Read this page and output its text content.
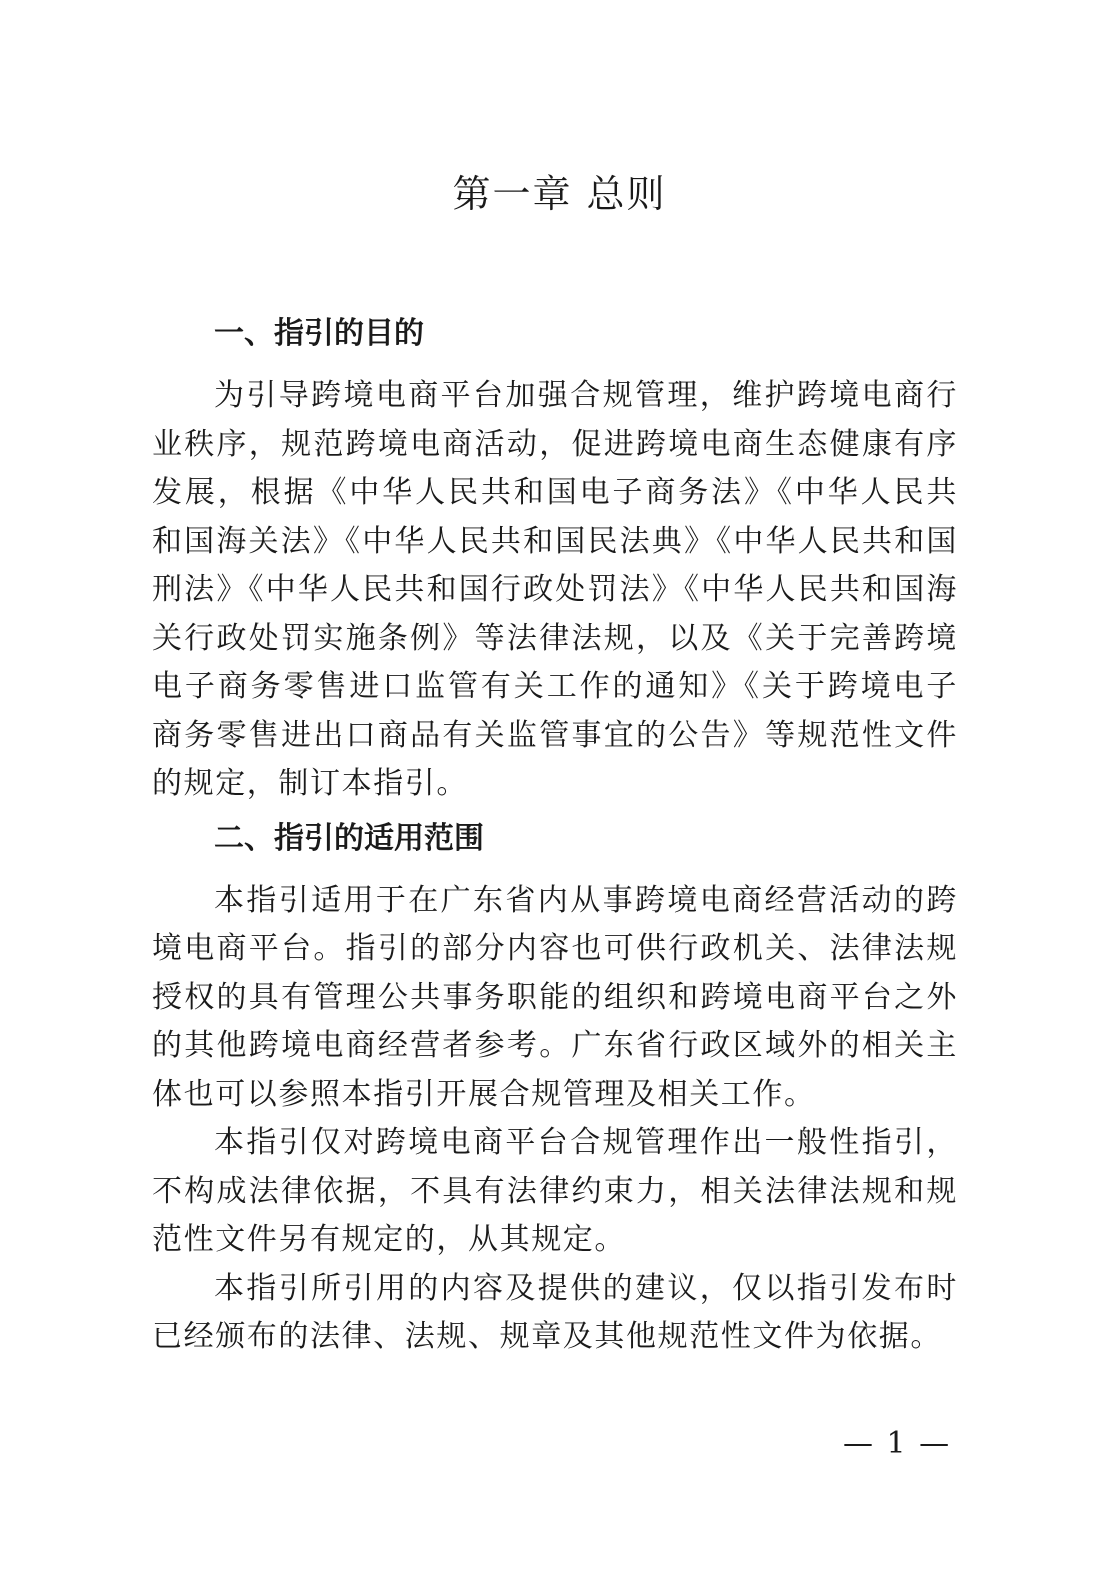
第一章 总则
一、指引的目的

为引导跨境电商平台加强合规管理，维护跨境电商行业秩序，规范跨境电商活动，促进跨境电商生态健康有序发展，根据《中华人民共和国电子商务法》《中华人民共和国海关法》《中华人民共和国民法典》《中华人民共和国刑法》《中华人民共和国行政处罚法》《中华人民共和国海关行政处罚实施条例》等法律法规，以及《关于完善跨境电子商务零售进口监管有关工作的通知》《关于跨境电子商务零售进出口商品有关监管事宜的公告》等规范性文件的规定，制订本指引。

二、指引的适用范围

本指引适用于在广东省内从事跨境电商经营活动的跨境电商平台。指引的部分内容也可供行政机关、法律法规授权的具有管理公共事务职能的组织和跨境电商平台之外的其他跨境电商经营者参考。广东省行政区域外的相关主体也可以参照本指引开展合规管理及相关工作。

本指引仅对跨境电商平台合规管理作出一般性指引，不构成法律依据，不具有法律约束力，相关法律法规和规范性文件另有规定的，从其规定。

本指引所引用的内容及提供的建议，仅以指引发布时已经颁布的法律、法规、规章及其他规范性文件为依据。

— 1 —
